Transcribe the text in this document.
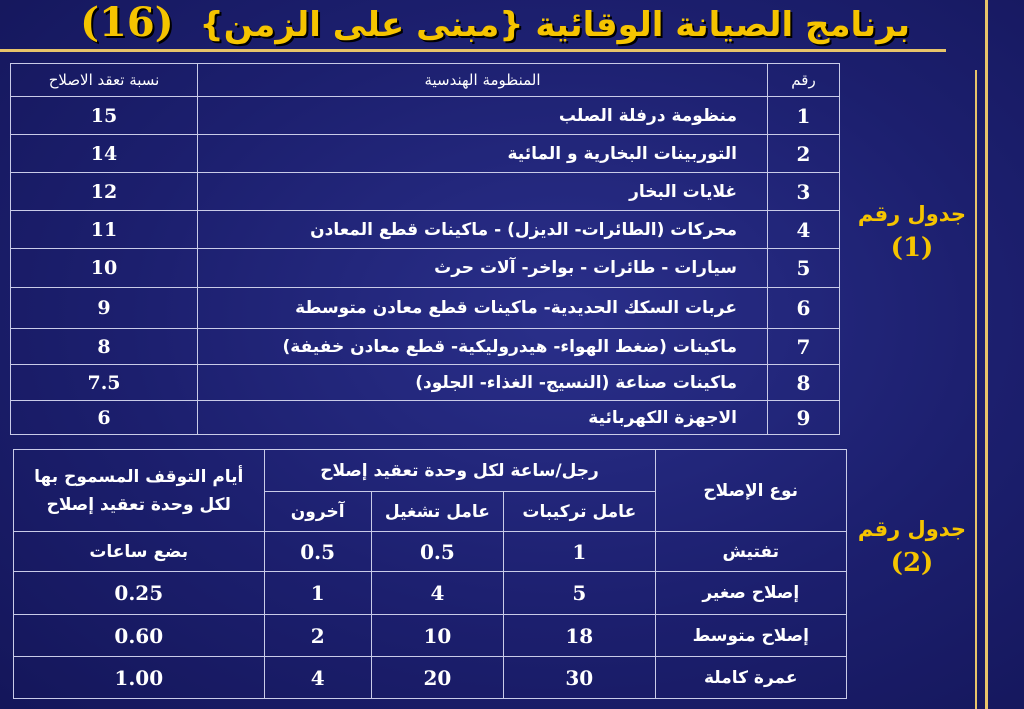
برنامج الصيانة الوقائية {مبنى على الزمن} (16)
رقم	المنظومة الهندسية	نسبة تعقد الاصلاح
1	منظومة درفلة الصلب	15
2	التوربينات البخارية و المائية	14
3	غلايات البخار	12
4	محركات (الطائرات- الديزل) - ماكينات قطع المعادن	11
5	سيارات - طائرات - بواخر- آلات حرث	10
6	عربات السكك الحديدية- ماكينات قطع معادن متوسطة	9
7	ماكينات (ضغط الهواء- هيدروليكية- قطع معادن خفيفة)	8
8	ماكينات صناعة (النسيج- الغذاء- الجلود)	7.5
9	الاجهزة الكهربائية	6
جدول رقم
(1)
نوع الإصلاح	رجل/ساعة لكل وحدة تعقيد إصلاح			أيام التوقف المسموح بها
لكل وحدة تعقيد إصلاح

	عامل تركيبات	عامل تشغيل	آخرون	
تفتيش	1	0.5	0.5	بضع ساعات
إصلاح صغير	5	4	1	0.25
إصلاح متوسط	18	10	2	0.60
عمرة كاملة	30	20	4	1.00
جدول رقم
(2)
